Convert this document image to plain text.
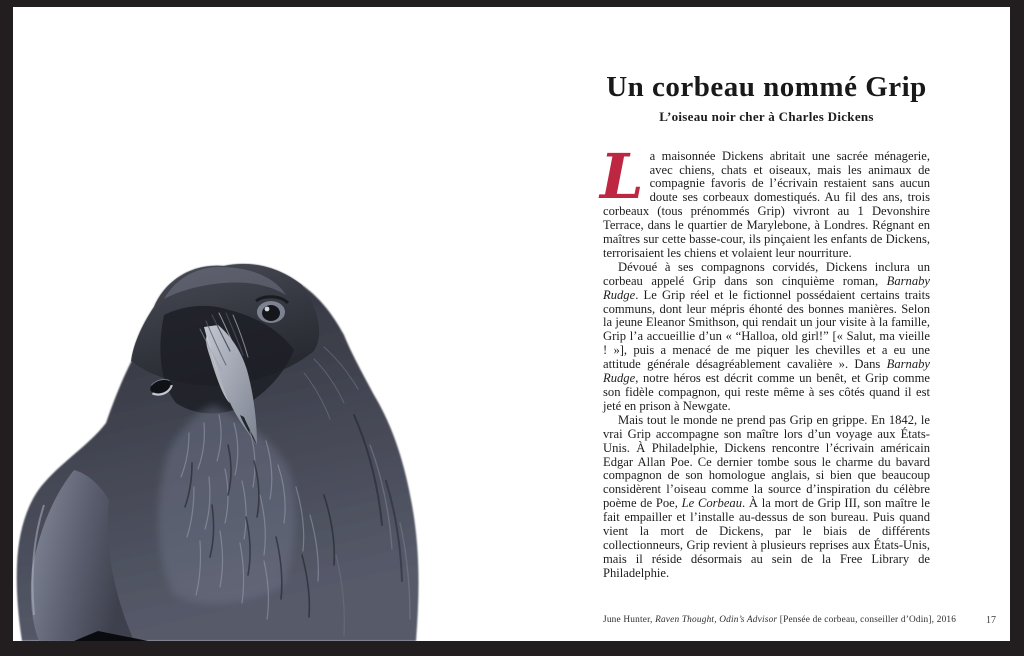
Un corbeau nommé Grip
L’oiseau noir cher à Charles Dickens

La maisonnée Dickens abritait une sacrée ménagerie, avec chiens, chats et oiseaux, mais les animaux de compagnie favoris de l’écrivain restaient sans aucun doute ses corbeaux domestiqués. Au fil des ans, trois corbeaux (tous prénommés Grip) vivront au 1 Devonshire Terrace, dans le quartier de Marylebone, à Londres. Régnant en maîtres sur cette basse-cour, ils pinçaient les enfants de Dickens, terrorisaient les chiens et volaient leur nourriture.

Dévoué à ses compagnons corvidés, Dickens inclura un corbeau appelé Grip dans son cinquième roman, Barnaby Rudge. Le Grip réel et le fictionnel possédaient certains traits communs, dont leur mépris éhonté des bonnes manières. Selon la jeune Eleanor Smithson, qui rendait un jour visite à la famille, Grip l’a accueillie d’un « “Halloa, old girl!” [« Salut, ma vieille ! »], puis a menacé de me piquer les chevilles et a eu une attitude générale désagréablement cavalière ». Dans Barnaby Rudge, notre héros est décrit comme un benêt, et Grip comme son fidèle compagnon, qui reste même à ses côtés quand il est jeté en prison à Newgate.

Mais tout le monde ne prend pas Grip en grippe. En 1842, le vrai Grip accompagne son maître lors d’un voyage aux États-Unis. À Philadelphie, Dickens rencontre l’écrivain américain Edgar Allan Poe. Ce dernier tombe sous le charme du bavard compagnon de son homologue anglais, si bien que beaucoup considèrent l’oiseau comme la source d’inspiration du célèbre poème de Poe, Le Corbeau. À la mort de Grip III, son maître le fait empailler et l’installe au-dessus de son bureau. Puis quand vient la mort de Dickens, par le biais de différents collectionneurs, Grip revient à plusieurs reprises aux États-Unis, mais il réside désormais au sein de la Free Library de Philadelphie.

June Hunter, Raven Thought, Odin’s Advisor [Pensée de corbeau, conseiller d’Odin], 2016	17
